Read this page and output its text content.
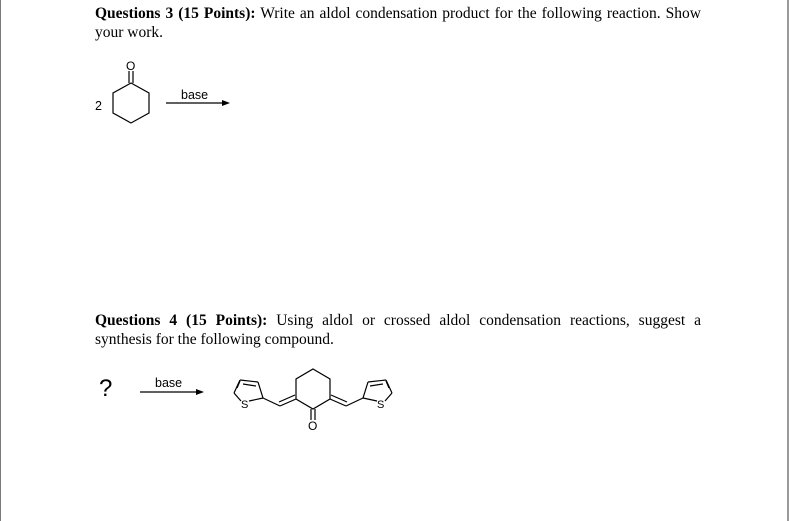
Questions 3 (15 Points): Write an aldol condensation product for the following reaction. Show your work.
Questions 4 (15 Points): Using aldol or crossed aldol condensation reactions, suggest a synthesis for the following compound.
O
2
base
?	base
S	S
O
